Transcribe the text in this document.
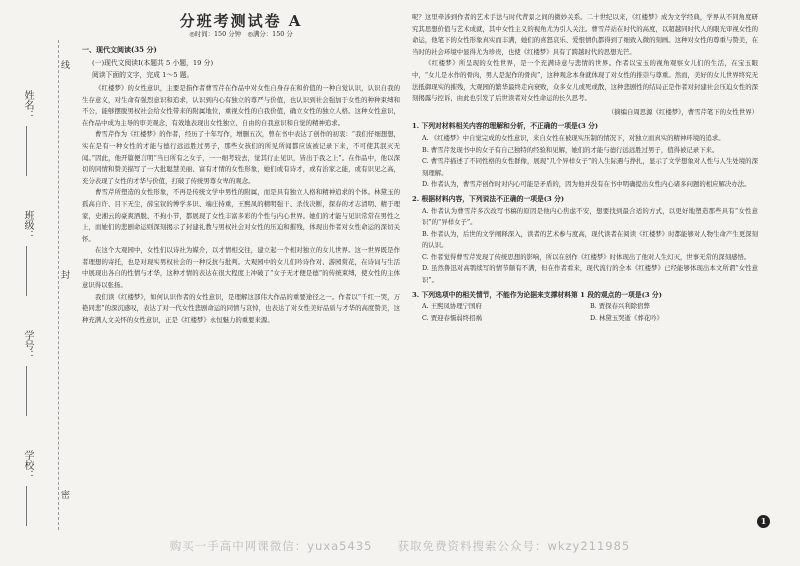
姓名：
班级：
学号：
学校：
线
封
密
分班考测试卷 A
◎时间：150 分钟　◎满分：150 分
一、现代文阅读(35 分)
(一)现代文阅读Ⅰ(本题共 5 小题，19 分)
阅读下面的文字，完成 1～5 题。

《红楼梦》的女性意识，主要是指作者曹雪芹在作品中对女性自身存在和价值的一种自觉认识，认识自我的生存意义，对生命有强烈意识和追求，认识到内心有独立的尊严与价值，也认识到社会强加于女性的种种束缚和不公，能够摆脱男权社会给女性带来的附属地位，重视女性的自我价值，确立女性的独立人格。这种女性意识，在作品中成为主导的审美观念，有效地表现出女性独立、自由的自我意识和自觉的精神追求。

曹雪芹作为《红楼梦》的作者，经历了十年写作，增删五次，曾在书中表达了创作的初衷：“我们仔细想想，实在是有一种女性的才能与德行远远胜过男子，那些女孩们的所见所闻都应该被记录下来，不可使其泯灭无闻。”因此，他开篇便言明“当日所有之女子，一一细考较去，觉其行止见识，皆出于我之上”。在作品中，他以深切的同情和赞美描写了一大批聪慧美丽、富有才情的女性形象，她们或有诗才，或有治家之能，或有识见之高，充分表现了女性的才华与价值，打破了传统男尊女卑的观念。

曹雪芹所塑造的女性形象，不再是传统文学中男性的附属，而是具有独立人格和精神追求的个体。林黛玉的孤高自许、目下无尘，薛宝钗的博学多识、端庄持重，王熙凤的精明强干、杀伐决断，探春的才志清明、精于理家，史湘云的豪爽洒脱、不拘小节，都展现了女性丰富多彩的个性与内心世界。她们的才能与见识常常在男性之上，而她们的悲剧命运则深刻揭示了封建礼教与男权社会对女性的压迫和摧残，体现出作者对女性命运的深切关怀。

在这个大观园中，女性们以诗社为媒介，以才情相交往，建立起一个相对独立的女儿世界。这一世界既是作者理想的寄托，也是对现实男权社会的一种反抗与批判。大观园中的女儿们吟诗作对、游园赏花，在诗词与生活中展现出各自的性情与才华，这种才情的表达在很大程度上冲破了“女子无才便是德”的传统束缚，使女性的主体意识得以张扬。

我们读《红楼梦》，如何认识作者的女性意识，是理解这部伟大作品的重要途径之一。作者以“千红一哭，万艳同悲”的深沉感叹，表达了对一代女性悲剧命运的同情与哀悼，也表达了对女性美好品质与才华的高度赞美，这种充满人文关怀的女性意识，正是《红楼梦》永恒魅力的重要来源。

呢？这里牵涉到作者的艺术手法与时代背景之间的微妙关系。二十世纪以来，《红楼梦》成为文学经典，学界从不同角度研究其思想价值与艺术成就，其中女性主义的视角尤为引人关注。曹雪芹站在时代的高度，以超越同时代人的眼光审视女性的命运，他笔下的女性形象真实而丰满，她们的喜怒哀乐、爱恨情仇都得到了细致入微的刻画。这种对女性的尊重与赞美，在当时的社会环境中显得尤为珍贵，也使《红楼梦》具有了跨越时代的思想光芒。

《红楼梦》所呈现的女性世界，是一个充满诗意与悲情的世界。作者以宝玉的视角观察女儿们的生活，在宝玉眼中，“女儿是水作的骨肉，男人是泥作的骨肉”，这种观念本身就体现了对女性的推崇与尊重。然而，美好的女儿世界终究无法抵御现实的摧残，大观园的繁华最终走向衰败，众多女儿或死或散，这种悲剧性的结局正是作者对封建社会压迫女性的深刻揭露与控诉，由此也引发了后世读者对女性命运的长久思考。

（摘编自周思源《红楼梦》，曹雪芹笔下的女性世界）
1. 下列对材料相关内容的理解和分析，不正确的一项是(3 分)
A. 《红楼梦》中自觉完成的女性意识，来自女性在被现实压制的情况下，对独立而真实的精神环境的追求。
B. 曹雪芹发现书中的女子有自己独特的经验和见解，她们的才能与德行远远胜过男子，值得被记录下来。
C. 曹雪芹描述了不同性格的女性群像，展现“几个异样女子”的人生际遇与挣扎，显示了文学想象对人性与人生处境的深刻理解。
D. 作者认为，曹雪芹创作时对内心可能是矛盾的，因为他并没有在书中明确提出女性内心诸多问题的相应解决办法。
2. 根据材料内容，下列说法不正确的一项是(3 分)
A. 作者认为曹雪芹多次改写书稿的原因是他内心焦虑不安，想要找到最合适的方式，以更好地塑造那些具有“女性意识”的“异样女子”。
B. 作者认为，后世的文学阐释深入，读者的艺术参与度高，现代读者在阅读《红楼梦》时都能够对人物生命产生更深刻的认识。
C. 作者觉得曹雪芹发现了传统思想的影响，所以在创作《红楼梦》时体现出了他对人生幻灭，世事无常的深刻感悟。
D. 虽然鲁迅对高鹗续写的情节颇有不满，但在作者看来，现代流行的全本《红楼梦》已经能够体现出本文所谓“女性意识”。
3. 下列选项中的相关情节，不能作为论据来支撑材料第 1 段的观点的一项是(3 分)
A. 王熙凤协理宁国府	B. 贾探春兴利除宿弊
C. 贾迎春懦弱终招祸	D. 林黛玉哭逝《葬花吟》
1
购买一手高中网课微信：yuxa5435　　获取免费资料搜索公众号：wkzy211985
